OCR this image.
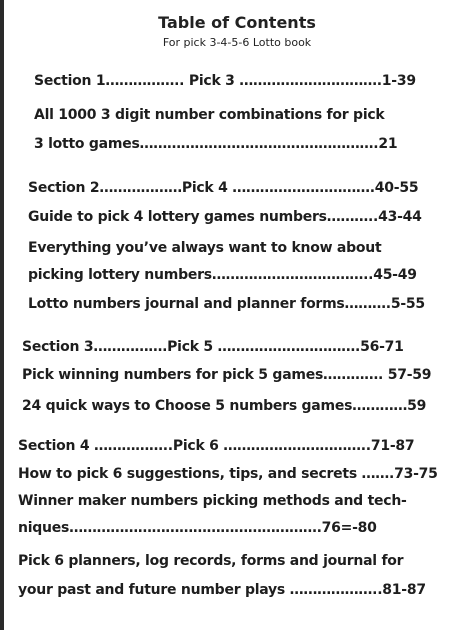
Table of Contents
For pick 3-4-5-6 Lotto book
Section 1…………….. Pick 3 ………………………….1-39
All 1000 3 digit number combinations for pick
3 lotto games…………………………………………….21
Section 2………………Pick 4 ………………………….40-55
Guide to pick 4 lottery games numbers………..43-44
Everything you’ve always want to know about
picking lottery numbers……………………………..45-49
Lotto numbers journal and planner forms……….5-55
Section 3…………….Pick 5 ………………………….56-71
Pick winning numbers for pick 5 games…………. 57-59
24 quick ways to Choose 5 numbers games…………59
Section 4 ……………..Pick 6 …………………………..71-87
How to pick 6 suggestions, tips, and secrets …….73-75
Winner maker numbers picking methods and tech-
niques……………………………………………….76=-80
Pick 6 planners, log records, forms and journal for
your past and future number plays ………………..81-87
